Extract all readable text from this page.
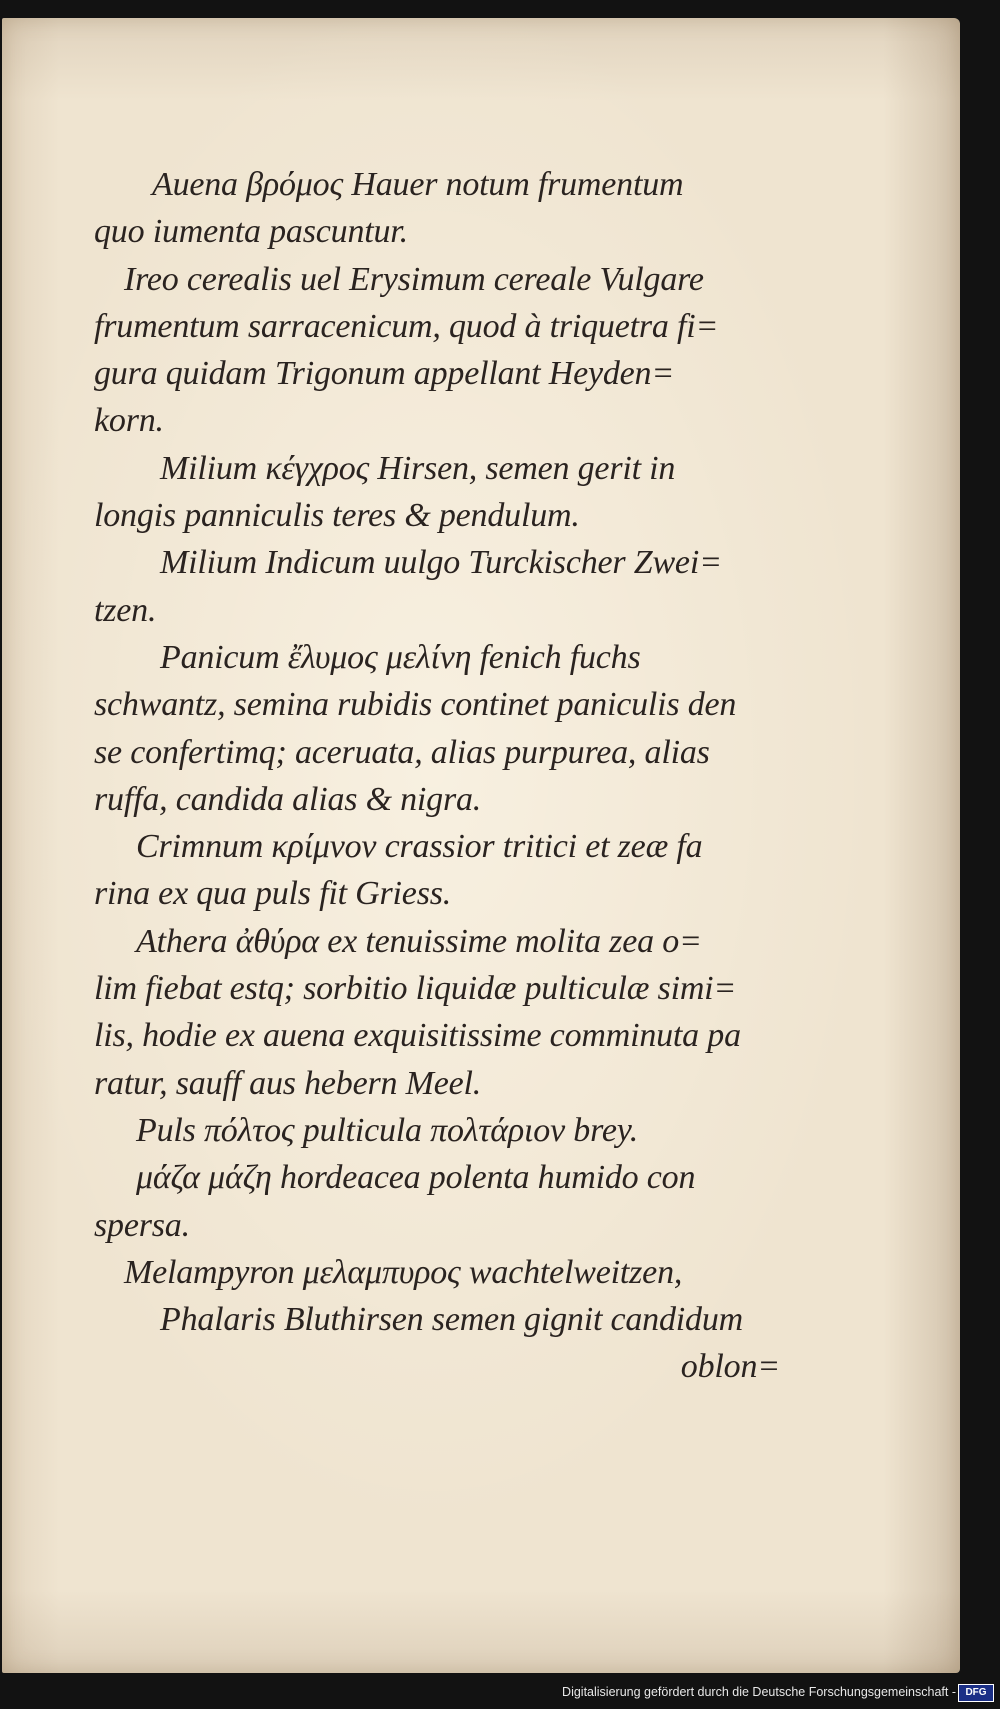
Auena βρόμος Hauer notum frumentum
quo iumenta pascuntur.
Ireo cerealis uel Erysimum cereale Vulgare
frumentum sarracenicum, quod à triquetra fi=
gura quidam Trigonum appellant Heyden=
korn.
Milium κέγχρος Hirsen, semen gerit in
longis panniculis teres & pendulum.
Milium Indicum uulgo Turckischer Zwei=
tzen.
Panicum ἔλυμος μελίνη fenich fuchs
schwantz, semina rubidis continet paniculis den
se confertimq; aceruata, alias purpurea, alias
ruffa, candida alias & nigra.
Crimnum κρίμνον crassior tritici et zeæ fa
rina ex qua puls fit Griess.
Athera ἀθύρα ex tenuissime molita zea o=
lim fiebat estq; sorbitio liquidæ pulticulæ simi=
lis, hodie ex auena exquisitissime comminuta pa
ratur, sauff aus hebern Meel.
Puls πόλτος pulticula πολτάριον brey.
μάζα μάζη hordeacea polenta humido con
spersa.
Melampyron μελαμπυρος wachtelweitzen,
Phalaris Bluthirsen semen gignit candidum
oblon=
Digitalisierung gefördert durch die Deutsche Forschungsgemeinschaft - DFG
